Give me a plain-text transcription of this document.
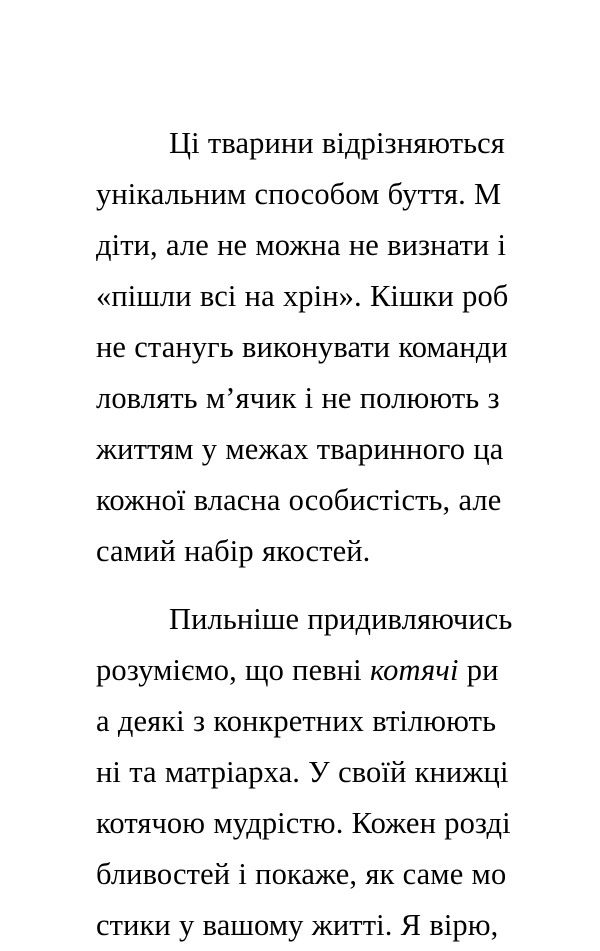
Ці тварини відрізняються
унікальним способом буття. М
діти, але не можна не визнати і
«пішли всі на хрін». Кішки роб
не станугь виконувати команди
ловлять м’ячик і не полюють з
життям у межах тваринного ца
кожної власна особистість, але
самий набір якостей.

Пильніше придивляючись
розуміємо, що певні котячі ри
а деякі з конкретних втілюють
ні та матріарха. У своїй книжці
котячою мудрістю. Кожен розді
бливостей і покаже, як саме мо
стики у вашому житті. Я вірю,
